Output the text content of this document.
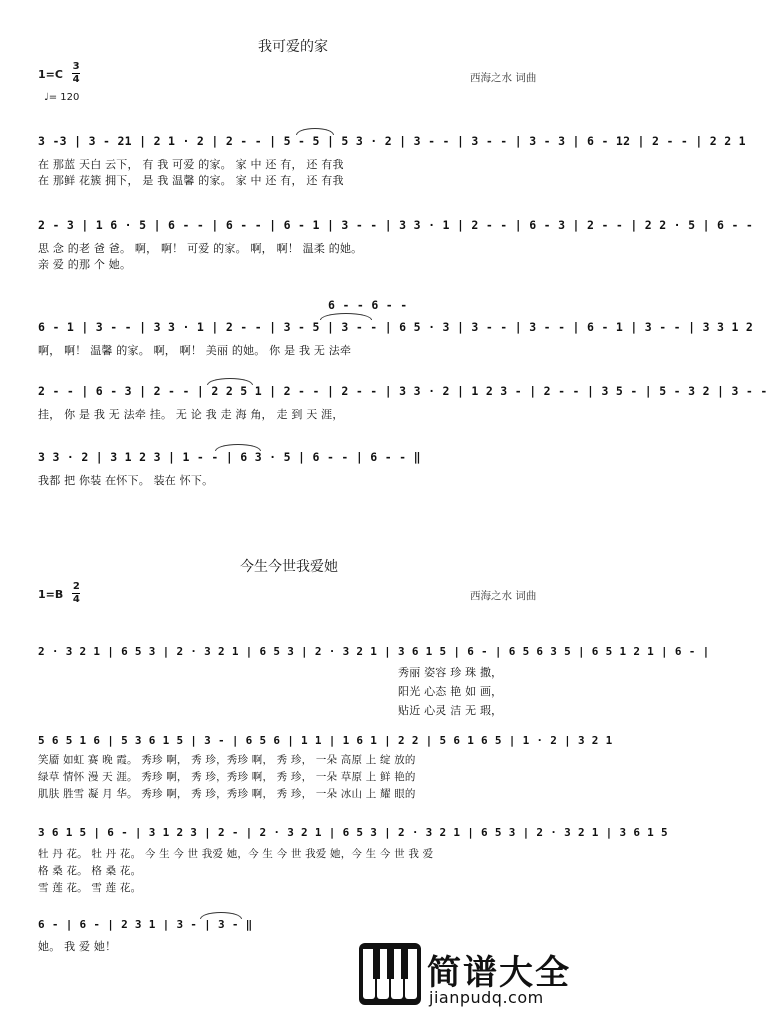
我可爱的家
西海之水 词曲
$1=C \frac{3}{4}$
♩= 120
3 -3 | 3 - 21 | 2 1 · 2 | 2 - - | 5 - 5 | 5 3 · 2 | 3 - - | 3 - - | 3 - 3 | 6 - 12 | 2 - - | 2 2 1
在 那蓝 天白 云下， 有 我 可爱 的家。 家 中 还 有， 还 有我
在 那鲜 花簇 拥下， 是 我 温馨 的家。 家 中 还 有， 还 有我
2 - 3 | 1 6 · 5 | 6 - - | 6 - - | 6 - 1 | 3 - - | 3 3 · 1 | 2 - - | 6 - 3 | 2 - - | 2 2 · 5 | 6 - -
思 念 的老 爸 爸。 啊， 啊！ 可爱 的家。 啊， 啊！ 温柔 的她。
亲 爱 的那 个 她。
6 - - 6 - -
6 - 1 | 3 - - | 3 3 · 1 | 2 - - | 3 - 5 | 3 - - | 6 5 · 3 | 3 - - | 3 - - | 6 - 1 | 3 - - | 3 3 1 2
啊， 啊！ 温馨 的家。 啊， 啊！ 美丽 的她。 你 是 我 无 法牵
2 - - | 6 - 3 | 2 - - | 2 2 5 1 | 2 - - | 2 - - | 3 3 · 2 | 1 2 3 - | 2 - - | 3 5 - | 5 - 3 2 | 3 - -
挂， 你 是 我 无 法牵 挂。 无 论 我 走 海 角， 走 到 天 涯，
3 3 · 2 | 3 1 2 3 | 1 - - | 6 3 · 5 | 6 - - | 6 - - ‖
我都 把 你装 在怀下。 装在 怀下。
今生今世我爱她
西海之水 词曲
$1=B \frac{2}{4}$
2 · 3 2 1 | 6 5 3 | 2 · 3 2 1 | 6 5 3 | 2 · 3 2 1 | 3 6 1 5 | 6 - | 6 5 6 3 5 | 6 5 1 2 1 | 6 - |
秀丽 姿容 珍 珠 撒，
阳光 心态 艳 如 画，
贴近 心灵 洁 无 瑕，
5 6 5 1 6 | 5 3 6 1 5 | 3 - | 6 5 6 | 1 1 | 1 6 1 | 2 2 | 5 6 1 6 5 | 1 · 2 | 3 2 1
笑靥 如虹 赛 晚 霞。 秀珍 啊， 秀 珍，秀珍 啊， 秀 珍， 一朵 高原 上 绽 放的
绿草 情怀 漫 天 涯。 秀珍 啊， 秀 珍，秀珍 啊， 秀 珍， 一朵 草原 上 鲜 艳的
肌肤 胜雪 凝 月 华。 秀珍 啊， 秀 珍，秀珍 啊， 秀 珍， 一朵 冰山 上 耀 眼的
3 6 1 5 | 6 - | 3 1 2 3 | 2 - | 2 · 3 2 1 | 6 5 3 | 2 · 3 2 1 | 6 5 3 | 2 · 3 2 1 | 3 6 1 5
牡 丹 花。 牡 丹 花。 今 生 今 世 我爱 她，今 生 今 世 我爱 她，今 生 今 世 我 爱
格 桑 花。 格 桑 花。
雪 莲 花。 雪 莲 花。
6 - | 6 - | 2 3 1 | 3 - | 3 - ‖
她。 我 爱 她！
简谱大全
jianpudq.com
